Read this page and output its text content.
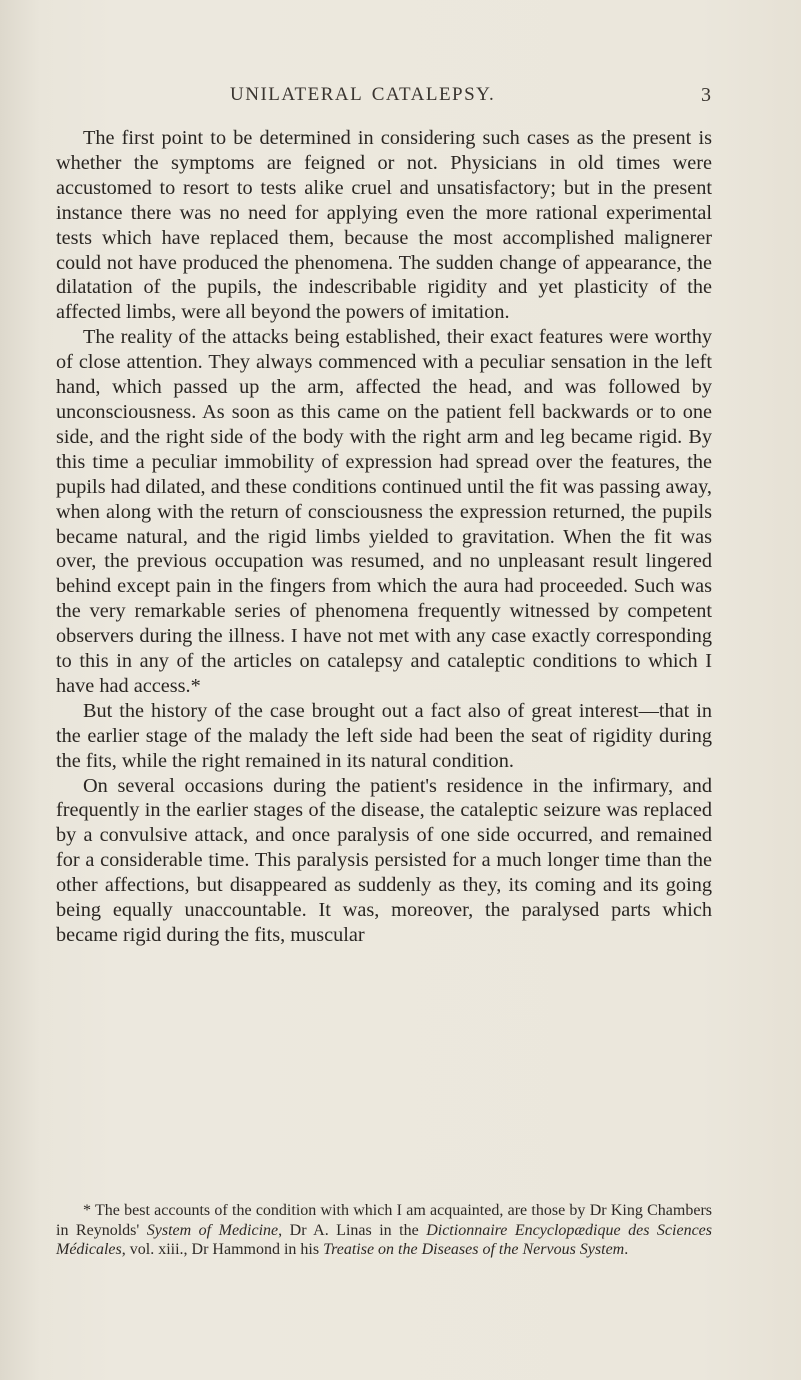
UNILATERAL CATALEPSY.	3

The first point to be determined in considering such cases as the present is whether the symptoms are feigned or not. Physicians in old times were accustomed to resort to tests alike cruel and unsatisfactory; but in the present instance there was no need for applying even the more rational experimental tests which have replaced them, because the most accomplished malignerer could not have produced the phenomena. The sudden change of appearance, the dilatation of the pupils, the indescribable rigidity and yet plasticity of the affected limbs, were all beyond the powers of imitation.

The reality of the attacks being established, their exact features were worthy of close attention. They always commenced with a peculiar sensation in the left hand, which passed up the arm, affected the head, and was followed by unconsciousness. As soon as this came on the patient fell backwards or to one side, and the right side of the body with the right arm and leg became rigid. By this time a peculiar immobility of expression had spread over the features, the pupils had dilated, and these conditions continued until the fit was passing away, when along with the return of consciousness the expression returned, the pupils became natural, and the rigid limbs yielded to gravitation. When the fit was over, the previous occupation was resumed, and no unpleasant result lingered behind except pain in the fingers from which the aura had proceeded. Such was the very remarkable series of phenomena frequently witnessed by competent observers during the illness. I have not met with any case exactly corresponding to this in any of the articles on catalepsy and cataleptic conditions to which I have had access.*

But the history of the case brought out a fact also of great interest—that in the earlier stage of the malady the left side had been the seat of rigidity during the fits, while the right remained in its natural condition.

On several occasions during the patient's residence in the infirmary, and frequently in the earlier stages of the disease, the cataleptic seizure was replaced by a convulsive attack, and once paralysis of one side occurred, and remained for a considerable time. This paralysis persisted for a much longer time than the other affections, but disappeared as suddenly as they, its coming and its going being equally unaccountable. It was, moreover, the paralysed parts which became rigid during the fits, muscular

* The best accounts of the condition with which I am acquainted, are those by Dr King Chambers in Reynolds' System of Medicine, Dr A. Linas in the Dictionnaire Encyclopædique des Sciences Médicales, vol. xiii., Dr Hammond in his Treatise on the Diseases of the Nervous System.
